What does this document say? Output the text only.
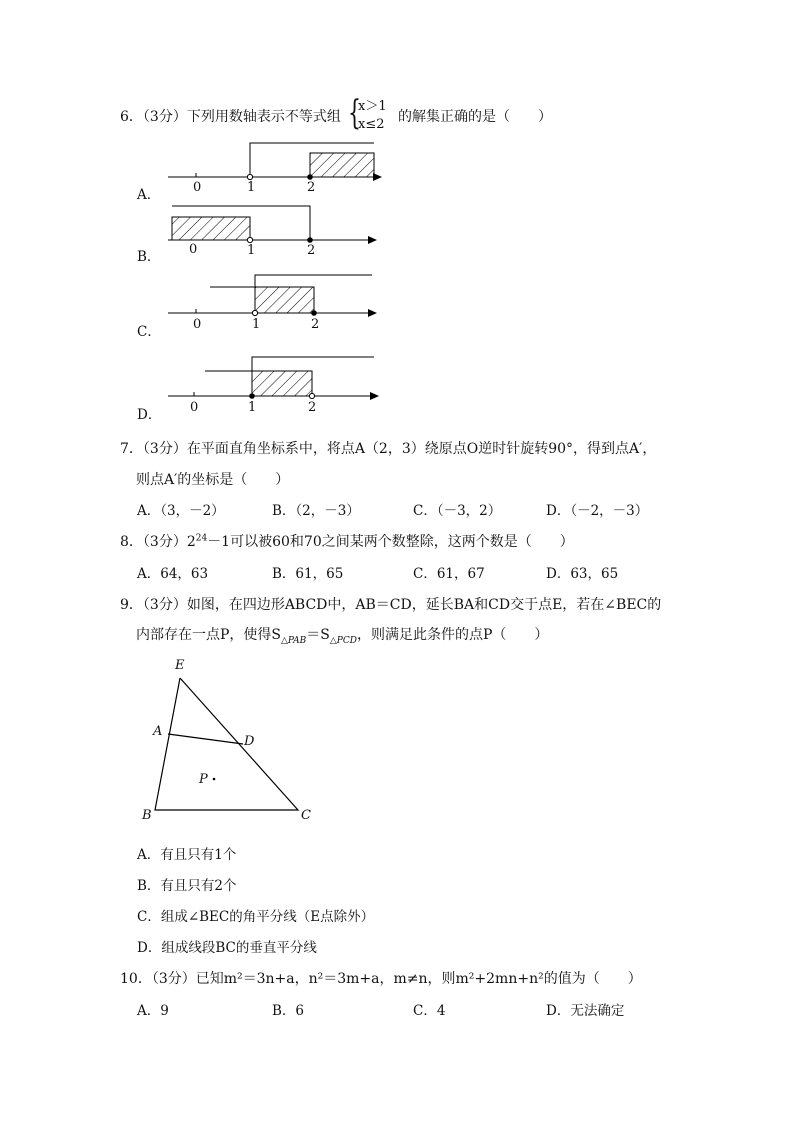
6．（3分）下列用数轴表示不等式组 {
x＞1
x≤2 的解集正确的是（　　）
A．	0	1	2
B． 0	1	2
C． 0	1	2
D． 0	1	2
7．（3分）在平面直角坐标系中，将点A（2，3）绕原点O逆时针旋转90°，得到点A′，
则点A′的坐标是（　　）
A．（3，－2）	B．（2，－3）	C．（－3，2）	D．（－2，－3）
8．（3分）$2^{24}-1$可以被60和70之间某两个数整除，这两个数是（　　）
A．64，63	B．61，65	C．61，67	D．63，65
9．（3分）如图，在四边形ABCD中，AB＝CD，延长BA和CD交于点E，若在∠BEC的
内部存在一点P，使得$S_{\triangle PAB}=S_{\triangle PCD}$，则满足此条件的点P（　　）
E
A
D
P
B	C
A．有且只有1个
B．有且只有2个
C．组成∠BEC的角平分线（E点除外）
D．组成线段BC的垂直平分线
10．（3分）已知m²＝3n+a，n²＝3m+a，m≠n，则m²+2mn+n²的值为（　　）
A．9	B．6	C．4	D．无法确定
